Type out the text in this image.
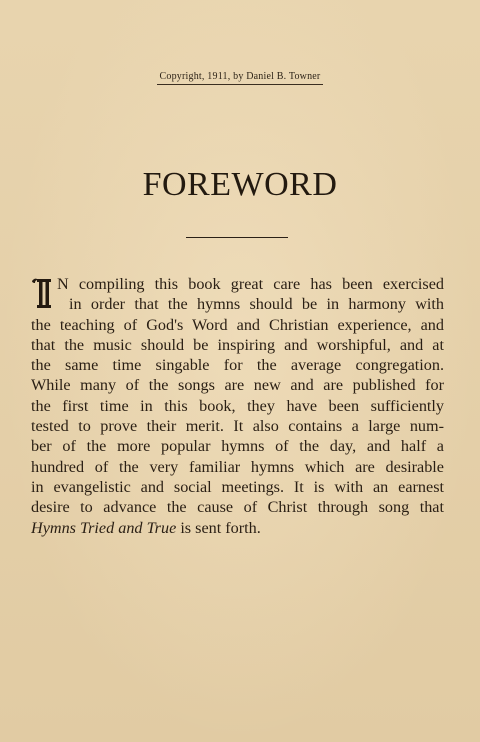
Copyright, 1911, by Daniel B. Towner
FOREWORD
N compiling this book great care has been exercised
in order that the hymns should be in harmony with
the teaching of God's Word and Christian experience, and
that the music should be inspiring and worshipful, and at
the same time singable for the average congregation.
While many of the songs are new and are published for
the first time in this book, they have been sufficiently
tested to prove their merit. It also contains a large num-
ber of the more popular hymns of the day, and half a
hundred of the very familiar hymns which are desirable
in evangelistic and social meetings. It is with an earnest
desire to advance the cause of Christ through song that
Hymns Tried and True is sent forth.
